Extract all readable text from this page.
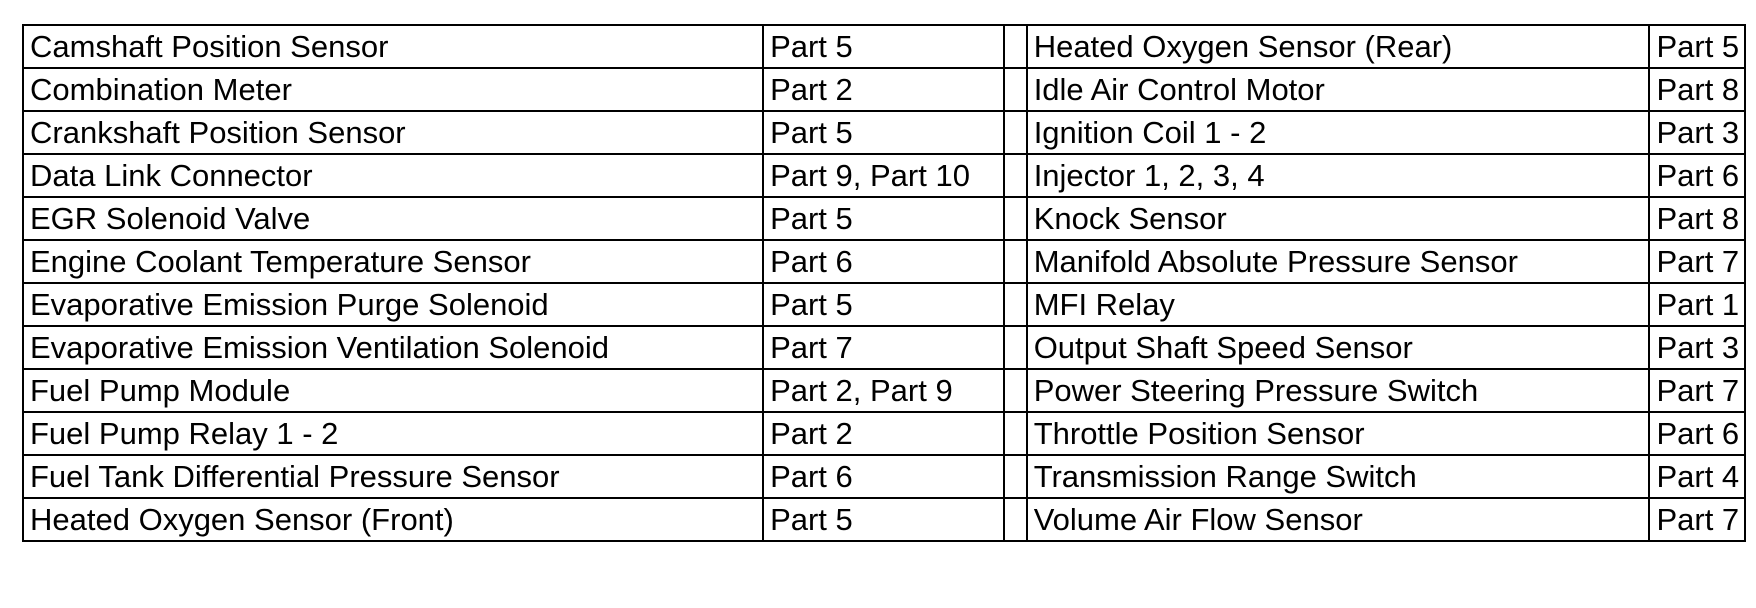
Camshaft Position Sensor	Part 5		Heated Oxygen Sensor (Rear)	Part 5
Combination Meter	Part 2		Idle Air Control Motor	Part 8
Crankshaft Position Sensor	Part 5		Ignition Coil 1 - 2	Part 3
Data Link Connector	Part 9, Part 10		Injector 1, 2, 3, 4	Part 6
EGR Solenoid Valve	Part 5		Knock Sensor	Part 8
Engine Coolant Temperature Sensor	Part 6		Manifold Absolute Pressure Sensor	Part 7
Evaporative Emission Purge Solenoid	Part 5		MFI Relay	Part 1
Evaporative Emission Ventilation Solenoid	Part 7		Output Shaft Speed Sensor	Part 3
Fuel Pump Module	Part 2, Part 9		Power Steering Pressure Switch	Part 7
Fuel Pump Relay 1 - 2	Part 2		Throttle Position Sensor	Part 6
Fuel Tank Differential Pressure Sensor	Part 6		Transmission Range Switch	Part 4
Heated Oxygen Sensor (Front)	Part 5		Volume Air Flow Sensor	Part 7
